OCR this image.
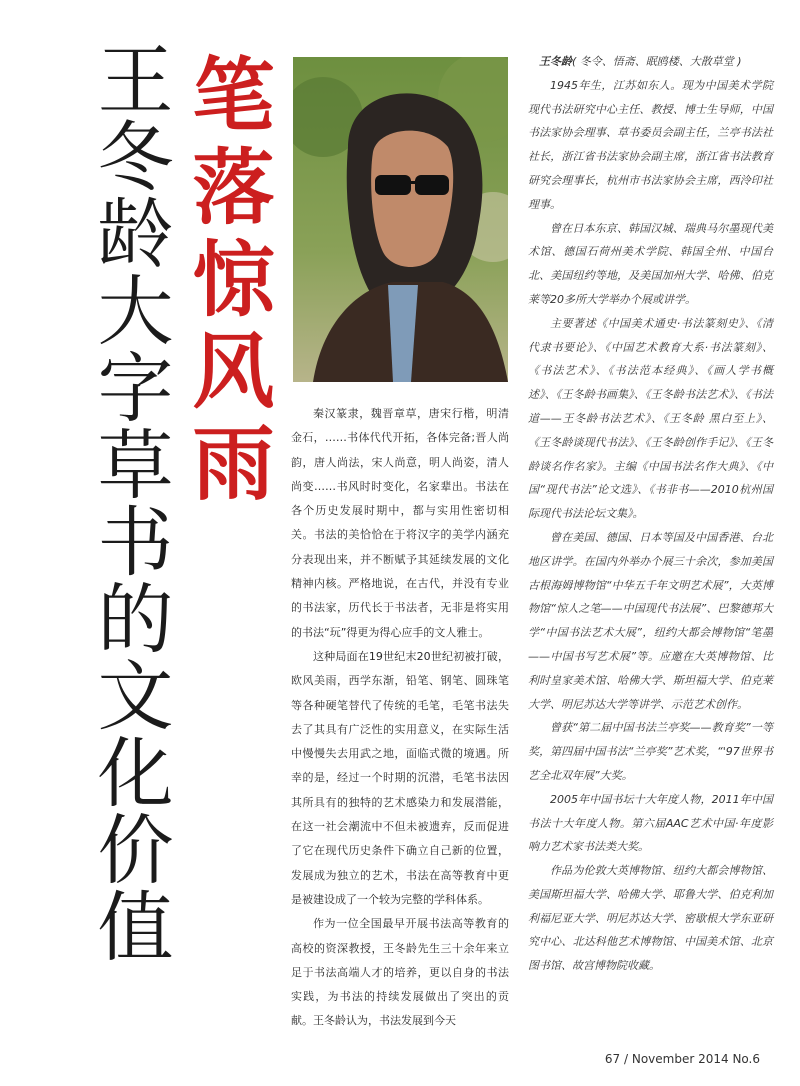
王冬龄大字草书的文化价值 笔落惊风雨	秦汉篆隶，魏晋章草，唐宋行楷，明清金石，……书体代代开拓，各体完备;晋人尚韵，唐人尚法，宋人尚意，明人尚姿，清人尚变……书风时时变化，名家辈出。书法在各个历史发展时期中，都与实用性密切相关。书法的美恰恰在于将汉字的美学内涵充分表现出来，并不断赋予其延续发展的文化精神内核。严格地说，在古代，并没有专业的书法家，历代长于书法者，无非是将实用的书法“玩”得更为得心应手的文人雅士。

这种局面在19世纪末20世纪初被打破，欧风美雨，西学东渐，铅笔、钢笔、圆珠笔等各种硬笔替代了传统的毛笔，毛笔书法失去了其具有广泛性的实用意义，在实际生活中慢慢失去用武之地，面临式微的境遇。所幸的是，经过一个时期的沉潜，毛笔书法因其所具有的独特的艺术感染力和发展潜能，在这一社会潮流中不但未被遗弃，反而促进了它在现代历史条件下确立自己新的位置，发展成为独立的艺术，书法在高等教育中更是被建设成了一个较为完整的学科体系。

作为一位全国最早开展书法高等教育的高校的资深教授，王冬龄先生三十余年来立足于书法高端人才的培养，更以自身的书法实践，为书法的持续发展做出了突出的贡献。王冬龄认为，书法发展到今天

王冬龄( 冬令、悟斋、眠鸥楼、大散草堂 )

1945年生，江苏如东人。现为中国美术学院现代书法研究中心主任、教授、博士生导师，中国书法家协会理事、草书委员会副主任，兰亭书法社社长，浙江省书法家协会副主席，浙江省书法教育研究会理事长，杭州市书法家协会主席，西泠印社理事。

曾在日本东京、韩国汉城、瑞典马尔墨现代美术馆、德国石荷州美术学院、韩国全州、中国台北、美国纽约等地，及美国加州大学、哈佛、伯克莱等20多所大学举办个展或讲学。

主要著述《中国美术通史·书法篆刻史》、《清代隶书要论》、《中国艺术教育大系·书法篆刻》、《书法艺术》、《书法范本经典》、《画人学书概述》、《王冬龄书画集》、《王冬龄书法艺术》、《书法道——王冬龄书法艺术》、《王冬龄 黑白至上》、《王冬龄谈现代书法》、《王冬龄创作手记》、《王冬龄谈名作名家》。主编《中国书法名作大典》、《中国“现代书法”论文选》、《书非书——2010杭州国际现代书法论坛文集》。

曾在美国、德国、日本等国及中国香港、台北地区讲学。在国内外举办个展三十余次，参加美国古根海姆博物馆“中华五千年文明艺术展”，大英博物馆“惊人之笔——中国现代书法展”、巴黎德邦大学“中国书法艺术大展”，纽约大都会博物馆“笔墨——中国书写艺术展”等。应邀在大英博物馆、比利时皇家美术馆、哈佛大学、斯坦福大学、伯克莱大学、明尼苏达大学等讲学、示范艺术创作。

曾获“第二届中国书法兰亭奖——教育奖”一等奖，第四届中国书法“兰亭奖”艺术奖，“'97世界书艺全北双年展”大奖。

2005年中国书坛十大年度人物，2011年中国书法十大年度人物。第六届AAC艺术中国·年度影响力艺术家书法类大奖。

作品为伦敦大英博物馆、纽约大都会博物馆、美国斯坦福大学、哈佛大学、耶鲁大学、伯克利加利福尼亚大学、明尼苏达大学、密歇根大学东亚研究中心、北达科他艺术博物馆、中国美术馆、北京图书馆、故宫博物院收藏。

67 / November 2014 No.6
